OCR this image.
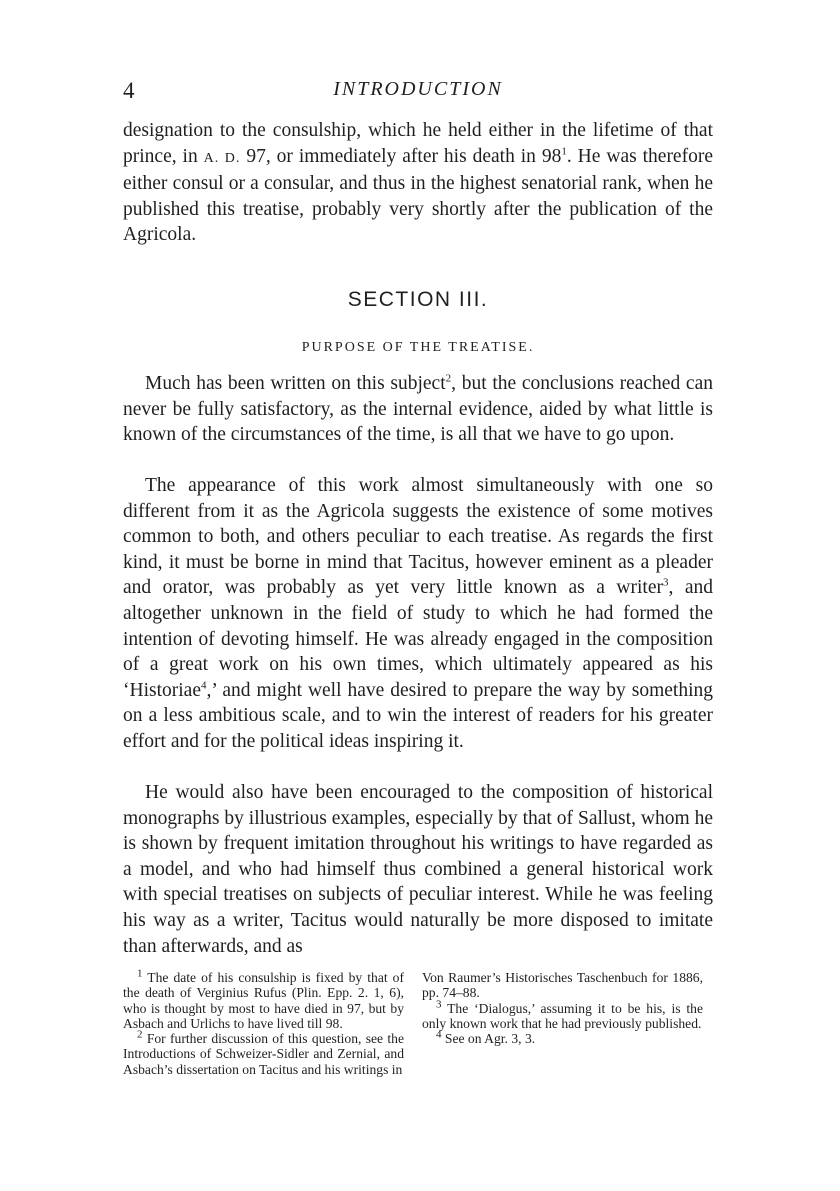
4	INTRODUCTION

designation to the consulship, which he held either in the lifetime of that prince, in A. D. 97, or immediately after his death in $98^1$. He was therefore either consul or a consular, and thus in the highest senatorial rank, when he published this treatise, probably very shortly after the publication of the Agricola.

SECTION III.
PURPOSE OF THE TREATISE.

Much has been written on this subject$^2$, but the conclusions reached can never be fully satisfactory, as the internal evidence, aided by what little is known of the circumstances of the time, is all that we have to go upon.

The appearance of this work almost simultaneously with one so different from it as the Agricola suggests the existence of some motives common to both, and others peculiar to each treatise. As regards the first kind, it must be borne in mind that Tacitus, however eminent as a pleader and orator, was probably as yet very little known as a writer$^3$, and altogether unknown in the field of study to which he had formed the intention of devoting himself. He was already engaged in the composition of a great work on his own times, which ultimately appeared as his ‘Historiae$^4$,’ and might well have desired to prepare the way by something on a less ambitious scale, and to win the interest of readers for his greater effort and for the political ideas inspiring it.

He would also have been encouraged to the composition of historical monographs by illustrious examples, especially by that of Sallust, whom he is shown by frequent imitation throughout his writings to have regarded as a model, and who had himself thus combined a general historical work with special treatises on subjects of peculiar interest. While he was feeling his way as a writer, Tacitus would naturally be more disposed to imitate than afterwards, and as

$^1$ The date of his consulship is fixed by that of the death of Verginius Rufus (Plin. Epp. 2. 1, 6), who is thought by most to have died in 97, but by Asbach and Urlichs to have lived till 98.

$^2$ For further discussion of this question, see the Introductions of Schweizer-Sidler and Zernial, and Asbach’s dissertation on Tacitus and his writings in

Von Raumer’s Historisches Taschenbuch for 1886, pp. 74–88.

$^3$ The ‘Dialogus,’ assuming it to be his, is the only known work that he had previously published.

$^4$ See on Agr. 3, 3.
